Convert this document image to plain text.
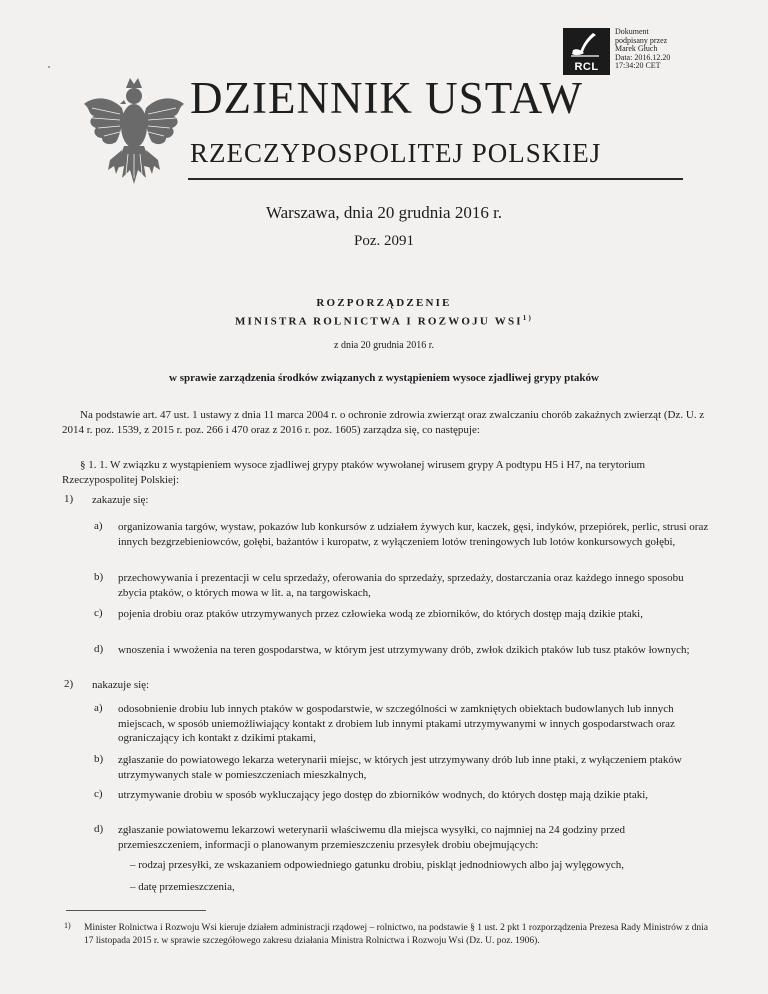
RCL
Dokument
podpisany przez
Marek Głuch
Data: 2016.12.20
17:34:20 CET
DZIENNIK USTAW
RZECZYPOSPOLITEJ POLSKIEJ
Warszawa, dnia 20 grudnia 2016 r.
Poz. 2091
ROZPORZĄDZENIE
MINISTRA ROLNICTWA I ROZWOJU WSI$^{1)}$
z dnia 20 grudnia 2016 r.
w sprawie zarządzenia środków związanych z wystąpieniem wysoce zjadliwej grypy ptaków
Na podstawie art. 47 ust. 1 ustawy z dnia 11 marca 2004 r. o ochronie zdrowia zwierząt oraz zwalczaniu chorób zakaźnych zwierząt (Dz. U. z 2014 r. poz. 1539, z 2015 r. poz. 266 i 470 oraz z 2016 r. poz. 1605) zarządza się, co następuje:
§ 1. 1. W związku z wystąpieniem wysoce zjadliwej grypy ptaków wywołanej wirusem grypy A podtypu H5 i H7, na terytorium Rzeczypospolitej Polskiej:
1) zakazuje się:
a) organizowania targów, wystaw, pokazów lub konkursów z udziałem żywych kur, kaczek, gęsi, indyków, przepiórek, perlic, strusi oraz innych bezgrzebieniowców, gołębi, bażantów i kuropatw, z wyłączeniem lotów treningowych lub lotów konkursowych gołębi,
b) przechowywania i prezentacji w celu sprzedaży, oferowania do sprzedaży, sprzedaży, dostarczania oraz każdego innego sposobu zbycia ptaków, o których mowa w lit. a, na targowiskach,
c) pojenia drobiu oraz ptaków utrzymywanych przez człowieka wodą ze zbiorników, do których dostęp mają dzikie ptaki,
d) wnoszenia i wwożenia na teren gospodarstwa, w którym jest utrzymywany drób, zwłok dzikich ptaków lub tusz ptaków łownych;
2) nakazuje się:
a) odosobnienie drobiu lub innych ptaków w gospodarstwie, w szczególności w zamkniętych obiektach budowlanych lub innych miejscach, w sposób uniemożliwiający kontakt z drobiem lub innymi ptakami utrzymywanymi w innych gospodarstwach oraz ograniczający ich kontakt z dzikimi ptakami,
b) zgłaszanie do powiatowego lekarza weterynarii miejsc, w których jest utrzymywany drób lub inne ptaki, z wyłączeniem ptaków utrzymywanych stale w pomieszczeniach mieszkalnych,
c) utrzymywanie drobiu w sposób wykluczający jego dostęp do zbiorników wodnych, do których dostęp mają dzikie ptaki,
d) zgłaszanie powiatowemu lekarzowi weterynarii właściwemu dla miejsca wysyłki, co najmniej na 24 godziny przed przemieszczeniem, informacji o planowanym przemieszczeniu przesyłek drobiu obejmujących:
1) Minister Rolnictwa i Rozwoju Wsi kieruje działem administracji rządowej – rolnictwo, na podstawie § 1 ust. 2 pkt 1 rozporządzenia Prezesa Rady Ministrów z dnia 17 listopada 2015 r. w sprawie szczegółowego zakresu działania Ministra Rolnictwa i Rozwoju Wsi (Dz. U. poz. 1906).
– rodzaj przesyłki, ze wskazaniem odpowiedniego gatunku drobiu, piskląt jednodniowych albo jaj wylęgowych,
– datę przemieszczenia,
